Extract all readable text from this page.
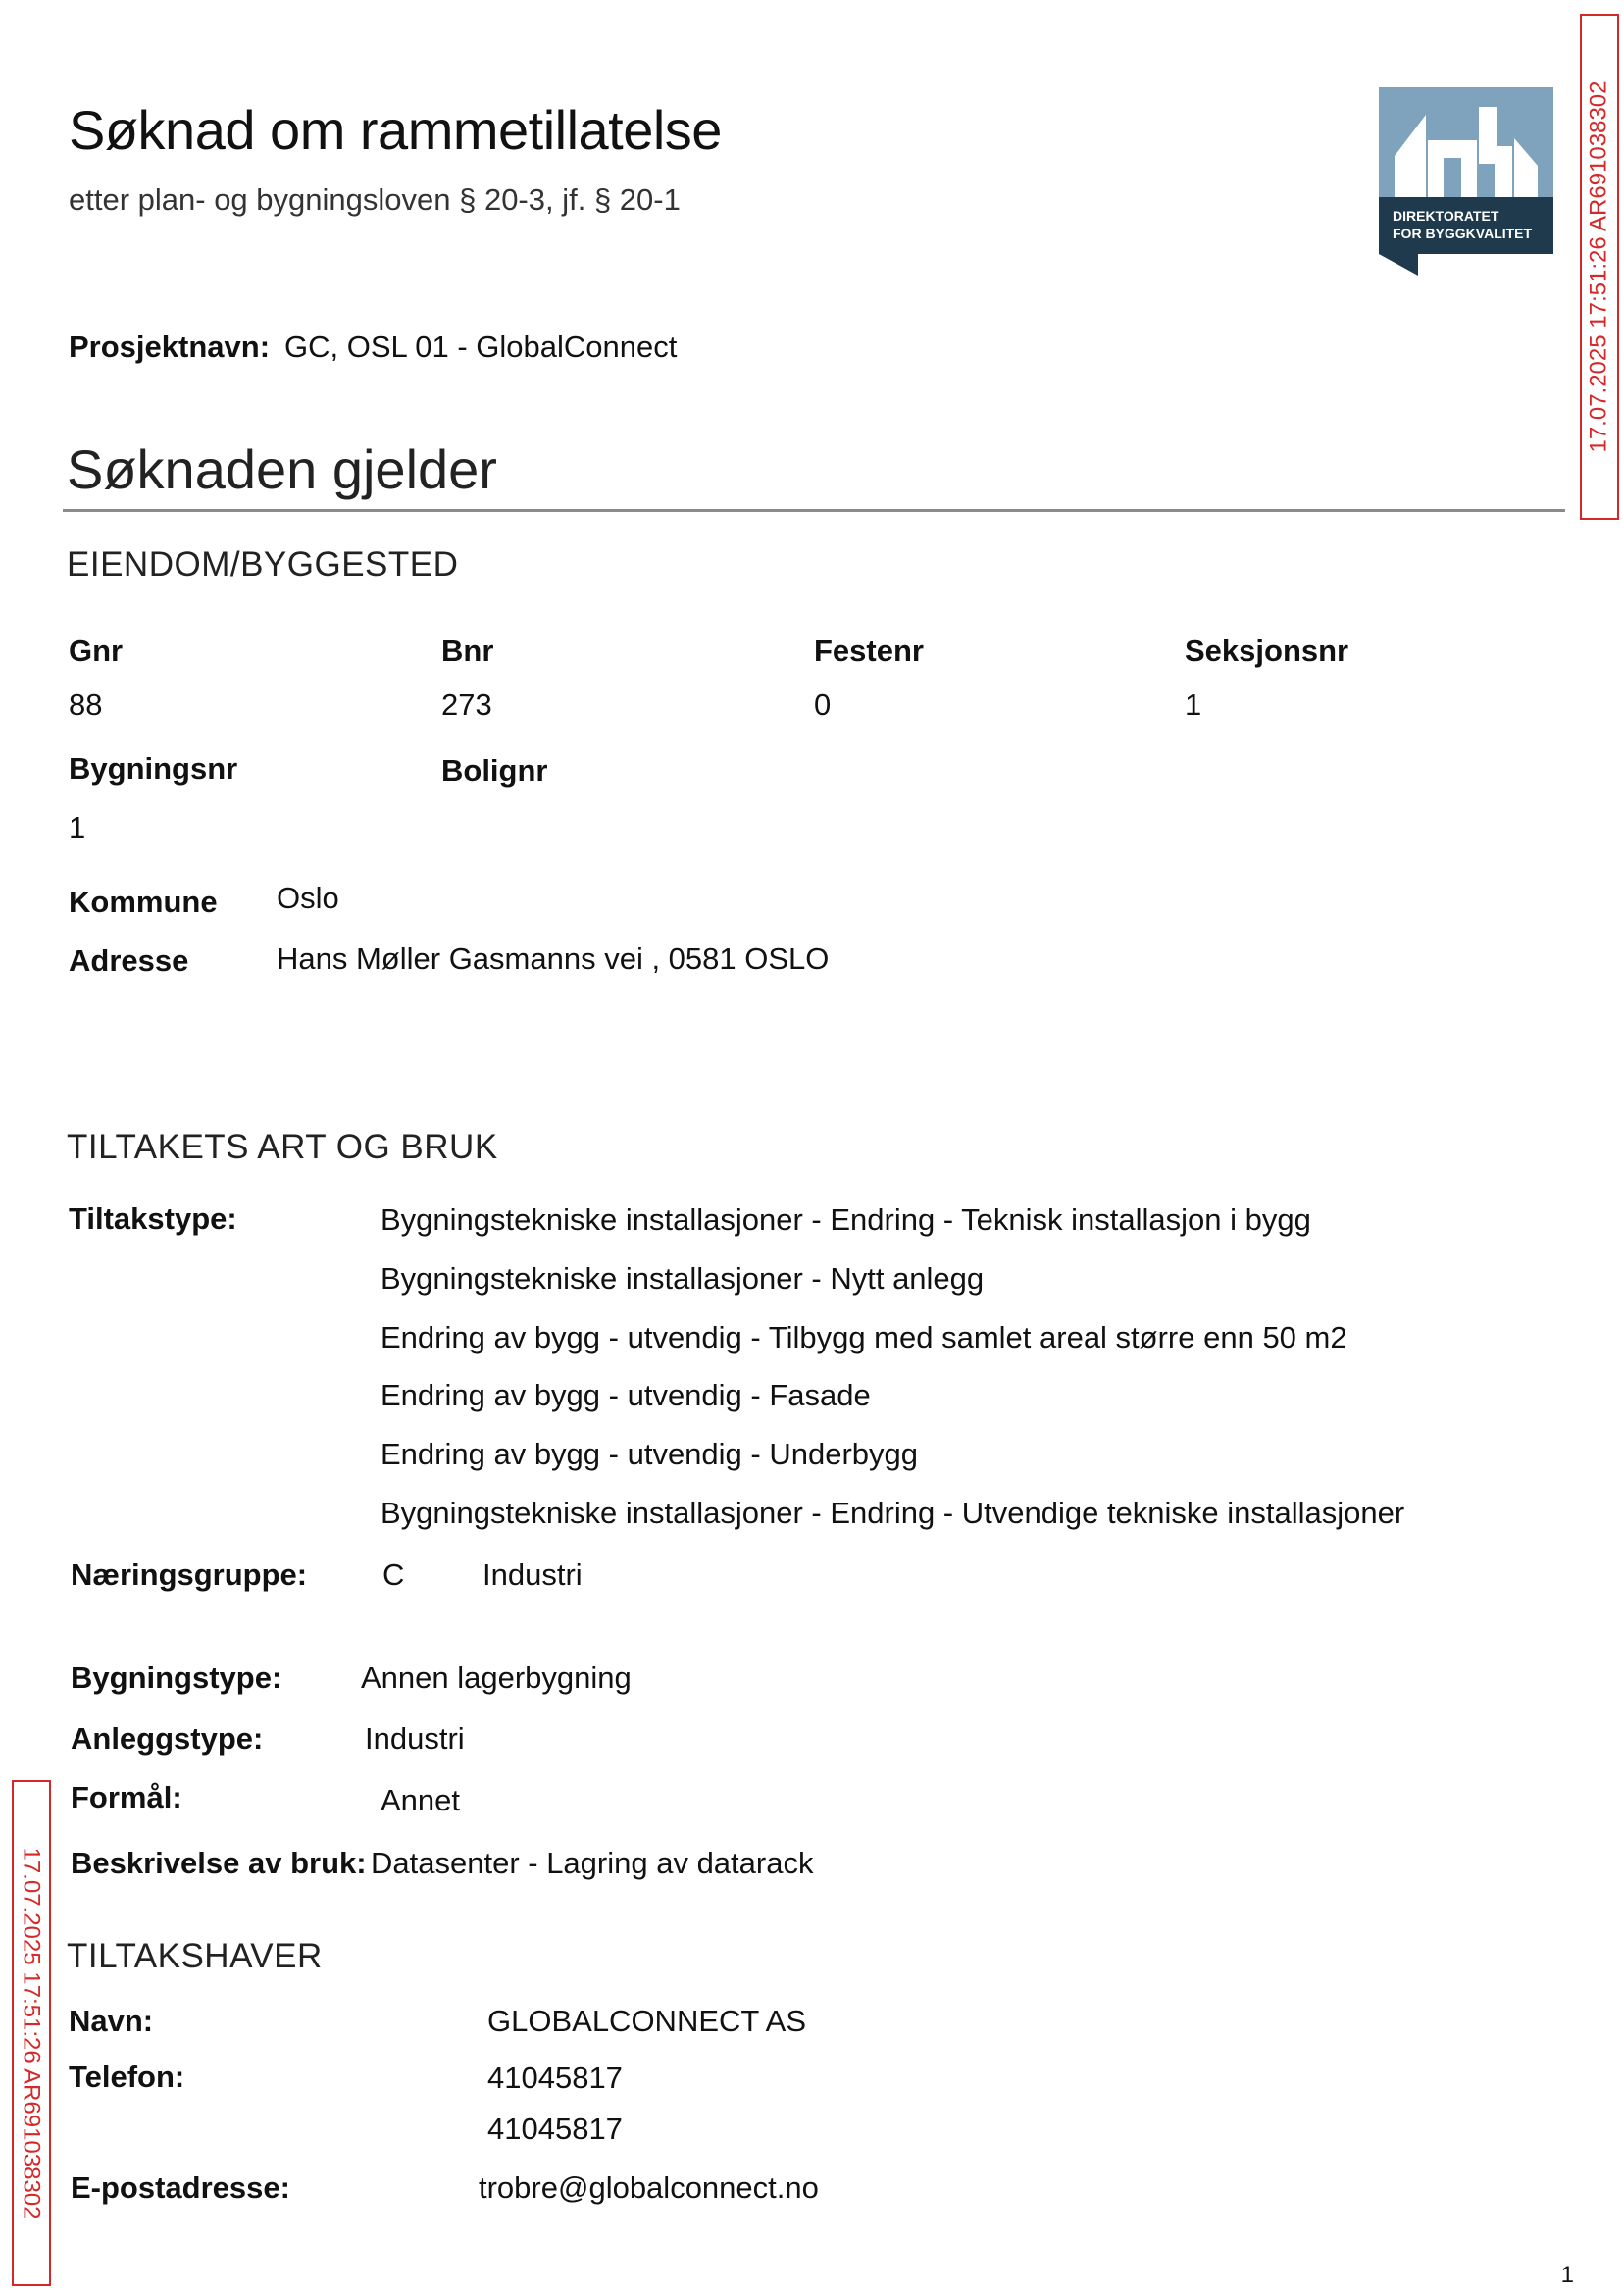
Søknad om rammetillatelse
etter plan- og bygningsloven § 20-3, jf. § 20-1	DIREKTORATET
FOR BYGGKVALITET 17.07.2025 17:51:26 AR691038302
17.07.2025 17:51:26 AR691038302
Prosjektnavn: GC, OSL 01 - GlobalConnect
Søknaden gjelder
EIENDOM/BYGGESTED
Gnr
88
Bnr
273
Festenr
0
Seksjonsnr
1
Bygningsnr
1
Bolignr
Kommune Oslo
Adresse	Hans Møller Gasmanns vei , 0581 OSLO
TILTAKETS ART OG BRUK
Tiltakstype:	Bygningstekniske installasjoner - Endring - Teknisk installasjon i bygg
Bygningstekniske installasjoner - Nytt anlegg
Endring av bygg - utvendig - Tilbygg med samlet areal større enn 50 m2
Endring av bygg - utvendig - Fasade
Endring av bygg - utvendig - Underbygg
Bygningstekniske installasjoner - Endring - Utvendige tekniske installasjoner
Næringsgruppe: C	Industri
Bygningstype:	Annen lagerbygning
Anleggstype:	Industri
Formål:	Annet
Beskrivelse av bruk: Datasenter - Lagring av datarack
TILTAKSHAVER
Navn:	GLOBALCONNECT AS
Telefon:	41045817
41045817
E-postadresse:	trobre@globalconnect.no
1
